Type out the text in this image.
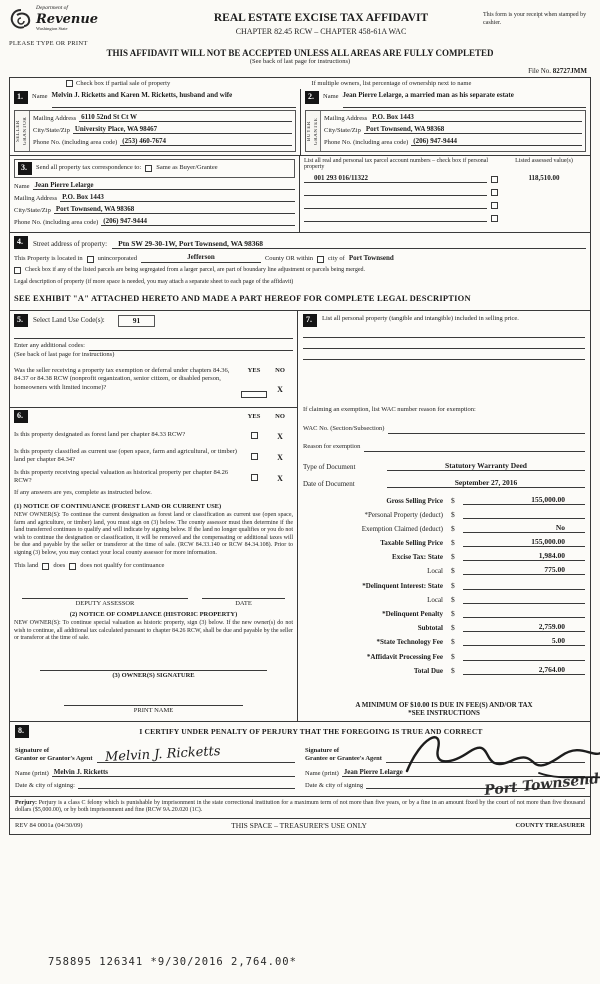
Department of
Revenue
Washington State
PLEASE TYPE OR PRINT
REAL ESTATE EXCISE TAX AFFIDAVIT
CHAPTER 82.45 RCW – CHAPTER 458-61A WAC
This form is your receipt when stamped by cashier.
THIS AFFIDAVIT WILL NOT BE ACCEPTED UNLESS ALL AREAS ARE FULLY COMPLETED
(See back of last page for instructions)
File No. 82727JMM
Check box if partial sale of property	If multiple owners, list percentage of ownership next to name
1.	Name Melvin J. Ricketts and Karen M. Ricketts, husband and wife
SELLER GRANTOR Mailing Address 6110 52nd St Ct W
City/State/Zip University Place, WA 98467
Phone No. (including area code) (253) 460-7674
2.	Name Jean Pierre Lelarge, a married man as his separate estate
BUYER GRANTEE Mailing Address P.O. Box 1443
City/State/Zip Port Townsend, WA 98368
Phone No. (including area code) (206) 947-9444
3.	Send all property tax correspondence to: Same as Buyer/Grantee
Name Jean Pierre Lelarge
Mailing Address P.O. Box 1443
City/State/Zip Port Townsend, WA 98368
Phone No. (including area code) (206) 947-9444
List all real and personal tax parcel account numbers – check box if personal property
Listed assessed value(s)
001 293 016/11322	118,510.00
4.	Street address of property:	Ptn SW 29-30-1W, Port Townsend, WA 98368
This Property is located in unincorporated	Jefferson	County OR within city of Port Townsend
Check box if any of the listed parcels are being segregated from a larger parcel, are part of boundary line adjustment or parcels being merged.
Legal description of property (if more space is needed, you may attach a separate sheet to each page of the affidavit)
SEE EXHIBIT "A" ATTACHED HERETO AND MADE A PART HEREOF FOR COMPLETE LEGAL DESCRIPTION
5.	Select Land Use Code(s):	91
Enter any additional codes:
(See back of last page for instructions)
Was the seller receiving a property tax exemption or deferral under chapters 84.36, 84.37 or 84.38 RCW (nonprofit organization, senior citizen, or disabled person, homeowners with limited income)?
YES	NO
X
6.	YES	NO
Is this property designated as forest land per chapter 84.33 RCW?	X
Is this property classified as current use (open space, farm and agricultural, or timber) land per chapter 84.34?	X
Is this property receiving special valuation as historical property per chapter 84.26 RCW?	X
If any answers are yes, complete as instructed below.
(1) NOTICE OF CONTINUANCE (FOREST LAND OR CURRENT USE)
NEW OWNER(S): To continue the current designation as forest land or classification as current use (open space, farm and agriculture, or timber) land, you must sign on (3) below. The county assessor must then determine if the land transferred continues to qualify and will indicate by signing below. If the land no longer qualifies or you do not wish to continue the designation or classification, it will be removed and the compensating or additional taxes will be due and payable by the seller or transferor at the time of sale. (RCW 84.33.140 or RCW 84.34.108). Prior to signing (3) below, you may contact your local county assessor for more information.
This land does does not qualify for continuance
DEPUTY ASSESSOR	DATE
(2) NOTICE OF COMPLIANCE (HISTORIC PROPERTY)
NEW OWNER(S): To continue special valuation as historic property, sign (3) below. If the new owner(s) do not wish to continue, all additional tax calculated pursuant to chapter 84.26 RCW, shall be due and payable by the seller or transferor at the time of sale.
(3) OWNER(S) SIGNATURE
PRINT NAME
7.	List all personal property (tangible and intangible) included in selling price.
If claiming an exemption, list WAC number reason for exemption:
WAC No. (Section/Subsection)
Reason for exemption
Type of Document	Statutory Warranty Deed
Date of Document	September 27, 2016
Gross Selling Price	$	155,000.00
*Personal Property (deduct)	$
Exemption Claimed (deduct)	$	No
Taxable Selling Price	$	155,000.00
Excise Tax: State	$	1,984.00
Local	$	775.00
*Delinquent Interest: State	$
Local	$
*Delinquent Penalty	$
Subtotal	$	2,759.00
*State Technology Fee	$	5.00
*Affidavit Processing Fee	$
Total Due	$	2,764.00
A MINIMUM OF $10.00 IS DUE IN FEE(S) AND/OR TAX
*SEE INSTRUCTIONS
8.	I CERTIFY UNDER PENALTY OF PERJURY THAT THE FOREGOING IS TRUE AND CORRECT
Signature of
Grantor or Grantor's Agent Melvin J. Ricketts
Name (print) Melvin J. Ricketts
Date & city of signing:
Signature of
Grantee or Grantee's Agent
Name (print) Jean Pierre Lelarge
Date & city of signing	Port Townsend
Perjury: Perjury is a class C felony which is punishable by imprisonment in the state correctional institution for a maximum term of not more than five years, or by a fine in an amount fixed by the court of not more than five thousand dollars ($5,000.00), or by both imprisonment and fine (RCW 9A.20.020 (1C).
REV 84 0001a (04/30/09)	THIS SPACE – TREASURER'S USE ONLY	COUNTY TREASURER
758895 126341 *9/30/2016 2,764.00*
